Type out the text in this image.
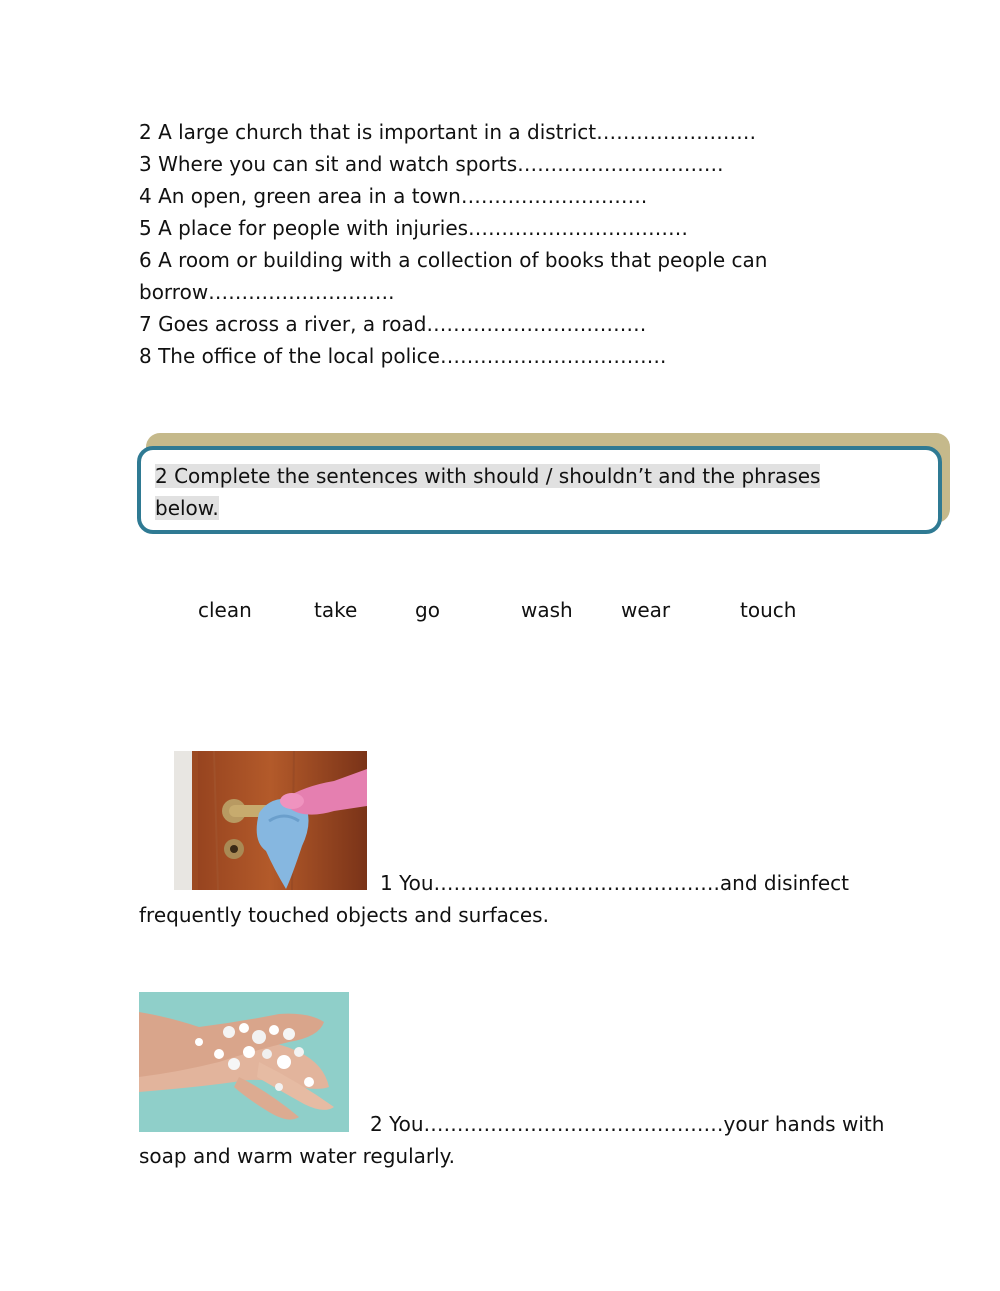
2 A large church that is important in a district……………………
3 Where you can sit and watch sports………………………….
4 An open, green area in a town……………………….
5 A place for people with injuries……………………………
6 A room or building with a collection of books that people can
borrow……………………….
7 Goes across a river, a road……………………………
8 The office of the local police…………………………….
2 Complete the sentences with should / shouldn’t and the phrases
below.
clean	take	go	wash wear	touch
1 You…………………………………….and disinfect
frequently touched objects and surfaces.
2 You………………………………………your hands with
soap and warm water regularly.
